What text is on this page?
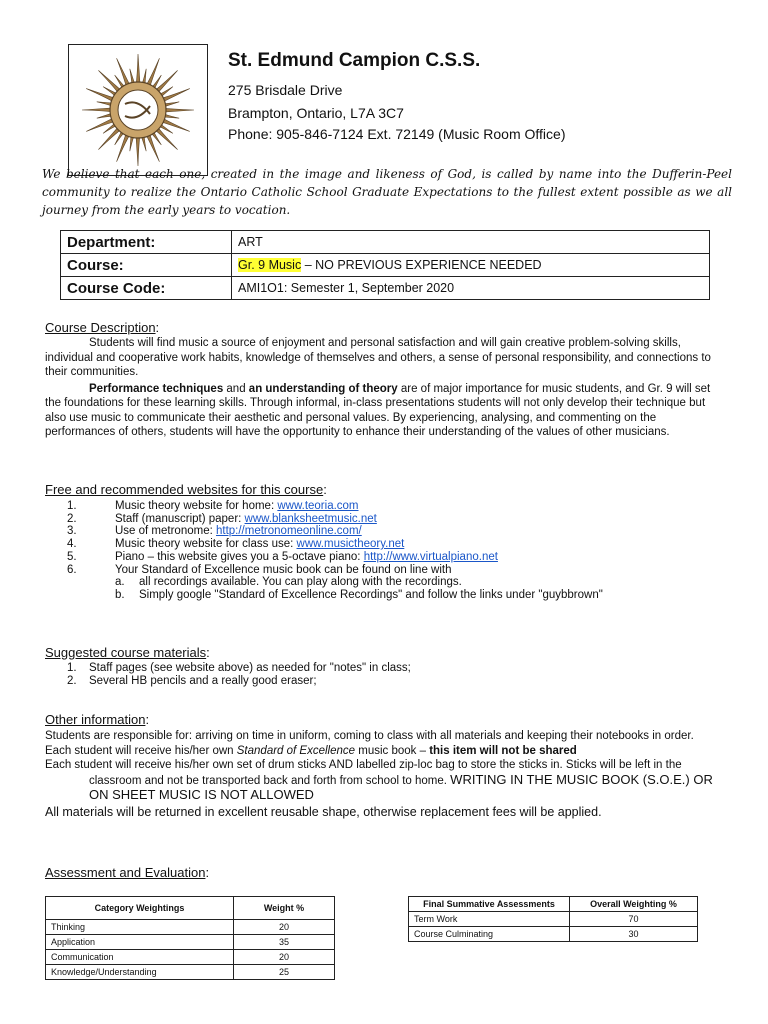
St. Edmund Campion C.S.S.
275 Brisdale Drive
Brampton, Ontario, L7A 3C7
Phone: 905-846-7124 Ext. 72149 (Music Room Office)
We believe that each one, created in the image and likeness of God, is called by name into the Dufferin-Peel community to realize the Ontario Catholic School Graduate Expectations to the fullest extent possible as we all journey from the early years to vocation.
Department:	ART
Course:	Gr. 9 Music – NO PREVIOUS EXPERIENCE NEEDED
Course Code:	AMI1O1: Semester 1, September 2020
Course Description:

Students will find music a source of enjoyment and personal satisfaction and will gain creative problem-solving skills, individual and cooperative work habits, knowledge of themselves and others, a sense of personal responsibility, and connections to their communities.

Performance techniques and an understanding of theory are of major importance for music students, and Gr. 9 will set the foundations for these learning skills. Through informal, in-class presentations students will not only develop their technique but also use music to communicate their aesthetic and personal values. By experiencing, analysing, and commenting on the performances of others, students will have the opportunity to enhance their understanding of the values of other musicians.

Free and recommended websites for this course:
1.	Music theory website for home: www.teoria.com
2.	Staff (manuscript) paper: www.blanksheetmusic.net
3.	Use of metronome: http://metronomeonline.com/
4.	Music theory website for class use: www.musictheory.net
5.	Piano – this website gives you a 5-octave piano: http://www.virtualpiano.net
6.	Your Standard of Excellence music book can be found on line with
a. all recordings available. You can play along with the recordings.
b. Simply google "Standard of Excellence Recordings" and follow the links under "guybbrown"
Suggested course materials:
1. Staff pages (see website above) as needed for "notes" in class;
2. Several HB pencils and a really good eraser;
Other information:

Students are responsible for: arriving on time in uniform, coming to class with all materials and keeping their notebooks in order.

Each student will receive his/her own Standard of Excellence music book – this item will not be shared

Each student will receive his/her own set of drum sticks AND labelled zip-loc bag to store the sticks in. Sticks will be left in the classroom and not be transported back and forth from school to home. WRITING IN THE MUSIC BOOK (S.O.E.) OR ON SHEET MUSIC IS NOT ALLOWED

All materials will be returned in excellent reusable shape, otherwise replacement fees will be applied.

Assessment and Evaluation:
Category Weightings	Weight %
Thinking	20
Application	35
Communication	20
Knowledge/Understanding	25
Final Summative Assessments	Overall Weighting %
Term Work	70
Course Culminating	30
